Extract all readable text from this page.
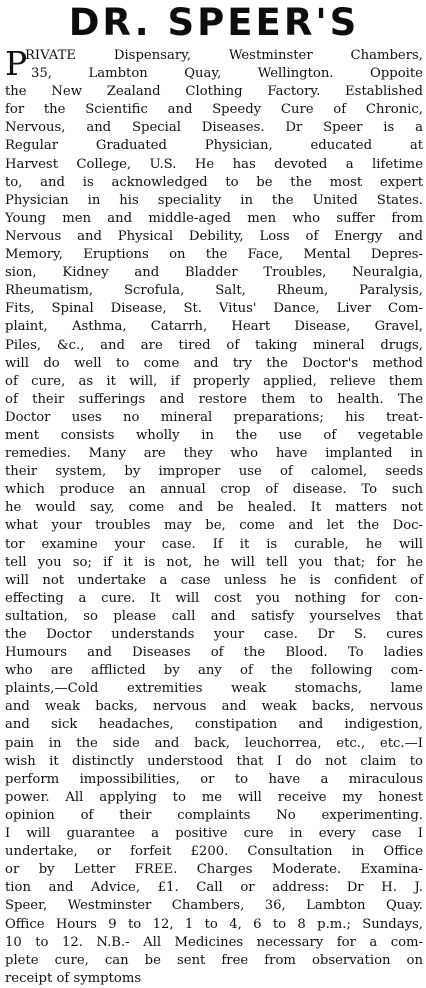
DR. SPEER'S
P
RIVATE Dispensary, Westminster Chambers,
35, Lambton Quay, Wellington. Oppoite
the New Zealand Clothing Factory. Established
for the Scientific and Speedy Cure of Chronic,
Nervous, and Special Diseases. Dr Speer is a
Regular Graduated Physician, educated at
Harvest College, U.S. He has devoted a lifetime
to, and is acknowledged to be the most expert
Physician in his speciality in the United States.
Young men and middle-aged men who suffer from
Nervous and Physical Debility, Loss of Energy and
Memory, Eruptions on the Face, Mental Depres-
sion, Kidney and Bladder Troubles, Neuralgia,
Rheumatism, Scrofula, Salt, Rheum, Paralysis,
Fits, Spinal Disease, St. Vitus' Dance, Liver Com-
plaint, Asthma, Catarrh, Heart Disease, Gravel,
Piles, &c., and are tired of taking mineral drugs,
will do well to come and try the Doctor's method
of cure, as it will, if properly applied, relieve them
of their sufferings and restore them to health. The
Doctor uses no mineral preparations; his treat-
ment consists wholly in the use of vegetable
remedies. Many are they who have implanted in
their system, by improper use of calomel, seeds
which produce an annual crop of disease. To such
he would say, come and be healed. It matters not
what your troubles may be, come and let the Doc-
tor examine your case. If it is curable, he will
tell you so; if it is not, he will tell you that; for he
will not undertake a case unless he is confident of
effecting a cure. It will cost you nothing for con-
sultation, so please call and satisfy yourselves that
the Doctor understands your case. Dr S. cures
Humours and Diseases of the Blood. To ladies
who are afflicted by any of the following com-
plaints,—Cold extremities weak stomachs, lame
and weak backs, nervous and weak backs, nervous
and sick headaches, constipation and indigestion,
pain in the side and back, leuchorrea, etc., etc.—I
wish it distinctly understood that I do not claim to
perform impossibilities, or to have a miraculous
power. All applying to me will receive my honest
opinion of their complaints No experimenting.
I will guarantee a positive cure in every case I
undertake, or forfeit £200. Consultation in Office
or by Letter FREE. Charges Moderate. Examina-
tion and Advice, £1. Call or address: Dr H. J.
Speer, Westminster Chambers, 36, Lambton Quay.
Office Hours 9 to 12, 1 to 4, 6 to 8 p.m.; Sundays,
10 to 12. N.B.- All Medicines necessary for a com-
plete cure, can be sent free from observation on
receipt of symptoms
